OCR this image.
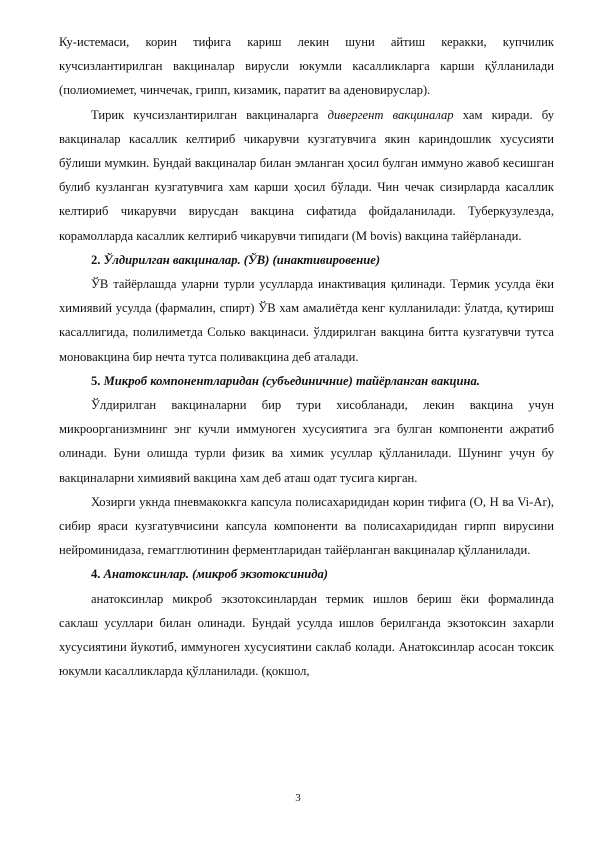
Ку-истемаси, корин тифига кариш лекин шуни айтиш керакки, купчилик кучсизлантирилган вакциналар вирусли юкумли касалликларга карши қўлланилади (полиомиемет, чинчечак, грипп, кизамик, паратит ва аденовируслар).

Тирик кучсизлантирилган вакциналарга дивергент вакциналар хам киради. бу вакциналар касаллик келтириб чикарувчи кузгатувчига якин кариндошлик хусусияти бўлиши мумкин. Бундай вакциналар билан эмланган ҳосил булган иммуно жавоб кесишган булиб кузланган кузгатувчига хам карши ҳосил бўлади. Чин чечак сизирларда касаллик келтириб чикарувчи вирусдан вакцина сифатида фойдаланилади. Туберкузулезда, корамолларда касаллик келтириб чикарувчи типидаги (M bovis) вакцина тайёрланади.

2. Ўлдирилган вакциналар. (ЎВ) (инактивировение)

ЎВ тайёрлашда уларни турли усулларда инактивация қилинади. Термик усулда ёки химиявий усулда (фармалин, спирт) ЎВ хам амалиётда кенг кулланилади: ўлатда, қутириш касаллигида, полилиметда Солько вакцинаси. ўлдирилган вакцина битта кузгатувчи тутса моновакцина бир нечта тутса поливакцина деб аталади.

5. Микроб компонентларидан (субъединичние) тайёрланган вакцина.

Ўлдирилган вакциналарни бир тури хисобланади, лекин вакцина учун микроорганизмнинг энг кучли иммуноген хусусиятига эга булган компоненти ажратиб олинади. Буни олишда турли физик ва химик усуллар қўлланилади. Шунинг учун бу вакциналарни химиявий вакцина хам деб аташ одат тусига кирган.

Хозирги укнда пневмакоккга капсула полисахаридидан корин тифига (O, H ва Vi-Ar), сибир яраси кузгатувчисини капсула компоненти ва полисахаридидан гирпп вирусини нейроминидаза, гемагглютинин ферментларидан тайёрланган вакциналар қўлланилади.

4. Анатоксинлар. (микроб экзотоксинида)

анатоксинлар микроб экзотоксинлардан термик ишлов бериш ёки формалинда саклаш усуллари билан олинади. Бундай усулда ишлов берилганда экзотоксин захарли хусусиятини йукотиб, иммуноген хусусиятини саклаб колади. Анатоксинлар асосан токсик юкумли касалликларда қўлланилади. (қокшол,

3
